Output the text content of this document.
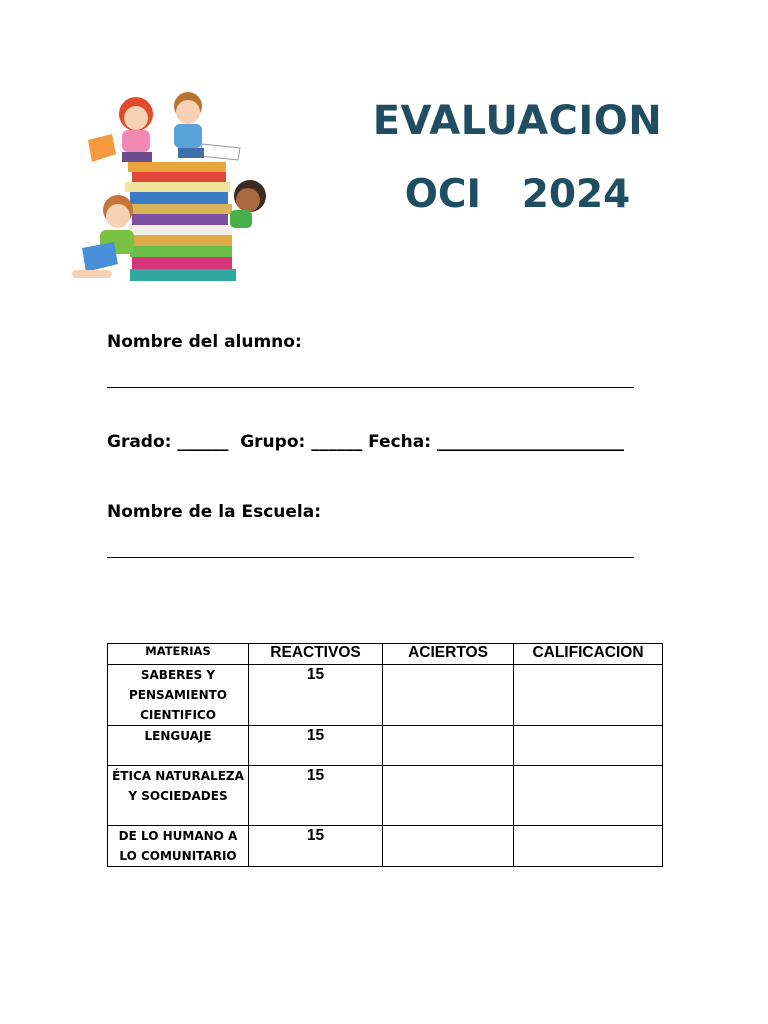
EVALUACION
OCI   2024
Nombre del alumno:
Grado: ______  Grupo: ______ Fecha: ______________________
Nombre de la Escuela:
MATERIAS	REACTIVOS	ACIERTOS	CALIFICACION
SABERES Y PENSAMIENTO CIENTIFICO	15		
LENGUAJE	15		
ÉTICA NATURALEZA Y SOCIEDADES	15		
DE LO HUMANO A LO COMUNITARIO	15		
